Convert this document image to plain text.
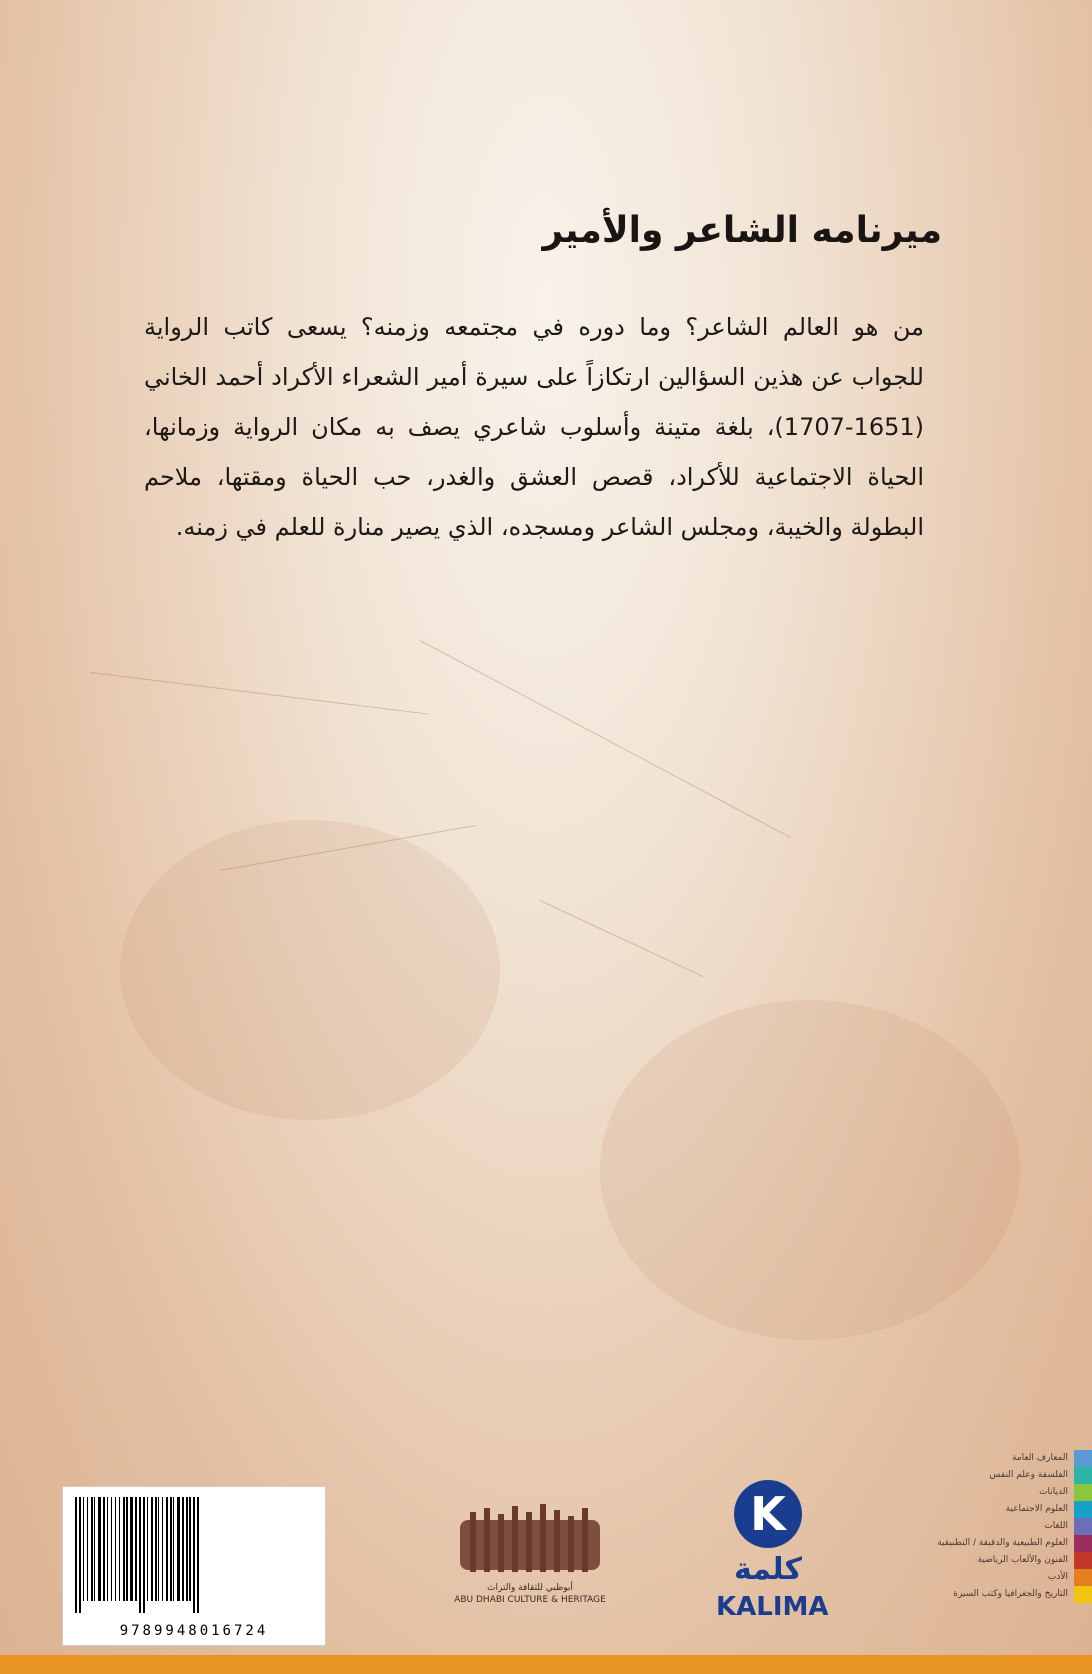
ميرنامه الشاعر والأمير

من هو العالم الشاعر؟ وما دوره في مجتمعه وزمنه؟ يسعى كاتب الرواية للجواب عن هذين السؤالين ارتكازاً على سيرة أمير الشعراء الأكراد أحمد الخاني (1651-1707)، بلغة متينة وأسلوب شاعري يصف به مكان الرواية وزمانها، الحياة الاجتماعية للأكراد، قصص العشق والغدر، حب الحياة ومقتها، ملاحم البطولة والخيبة، ومجلس الشاعر ومسجده، الذي يصير منارة للعلم في زمنه.

9789948016724
أبوظبي للثقافة والتراث
ABU DHABI CULTURE & HERITAGE
K
كلمة
KALIMA
المعارف العامة
الفلسفة وعلم النفس
الديانات
العلوم الاجتماعية
اللغات
العلوم الطبيعية والدقيقة / التطبيقية
الفنون والألعاب الرياضية
الأدب
التاريخ والجغرافيا وكتب السيرة
